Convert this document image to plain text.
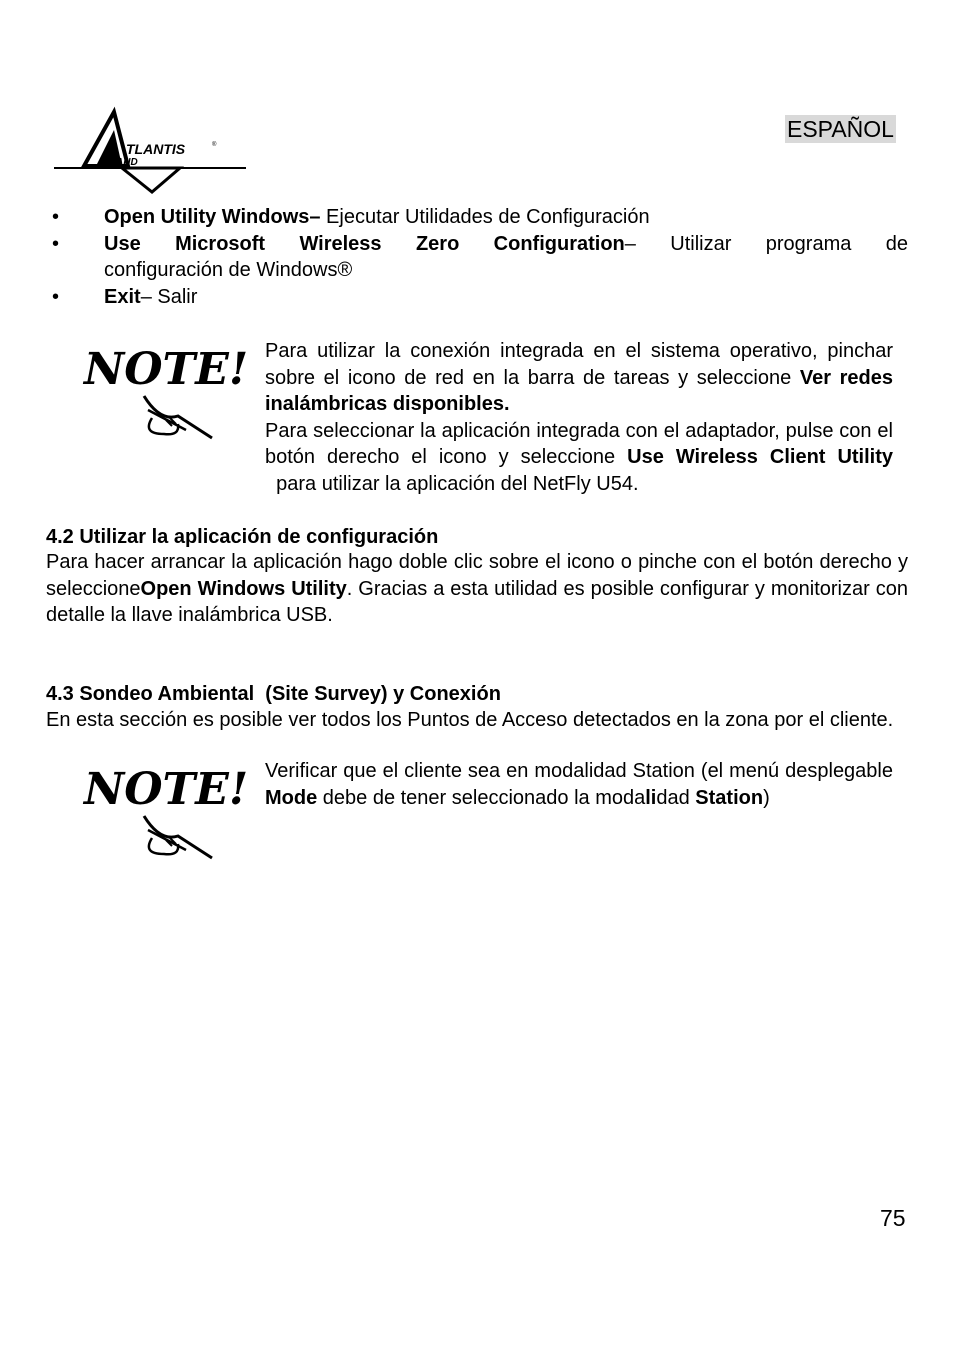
TLANTIS
AND
®
ESPAÑOL
• Open Utility Windows– Ejecutar Utilidades de Configuración
• Use Microsoft Wireless Zero Configuration– Utilizar programa de
configuración de Windows®
• Exit– Salir
NOTE! Para utilizar la conexión integrada en el sistema operativo, pinchar sobre el icono de red en la barra de tareas y seleccione Ver redes inalámbricas disponibles.
Para seleccionar la aplicación integrada con el adaptador, pulse con el botón derecho el icono y seleccione Use Wireless Client Utility  para utilizar la aplicación del NetFly U54.
4.2 Utilizar la aplicación de configuración
Para hacer arrancar la aplicación hago doble clic sobre el icono o pinche con el botón derecho y seleccioneOpen Windows Utility. Gracias a esta utilidad es posible configurar y monitorizar con detalle la llave inalámbrica USB.
4.3 Sondeo Ambiental  (Site Survey) y Conexión
En esta sección es posible ver todos los Puntos de Acceso detectados en la zona por el cliente.
NOTE! Verificar que el cliente sea en modalidad Station (el menú desplegable Mode debe de tener seleccionado la modalidad Station)
75
